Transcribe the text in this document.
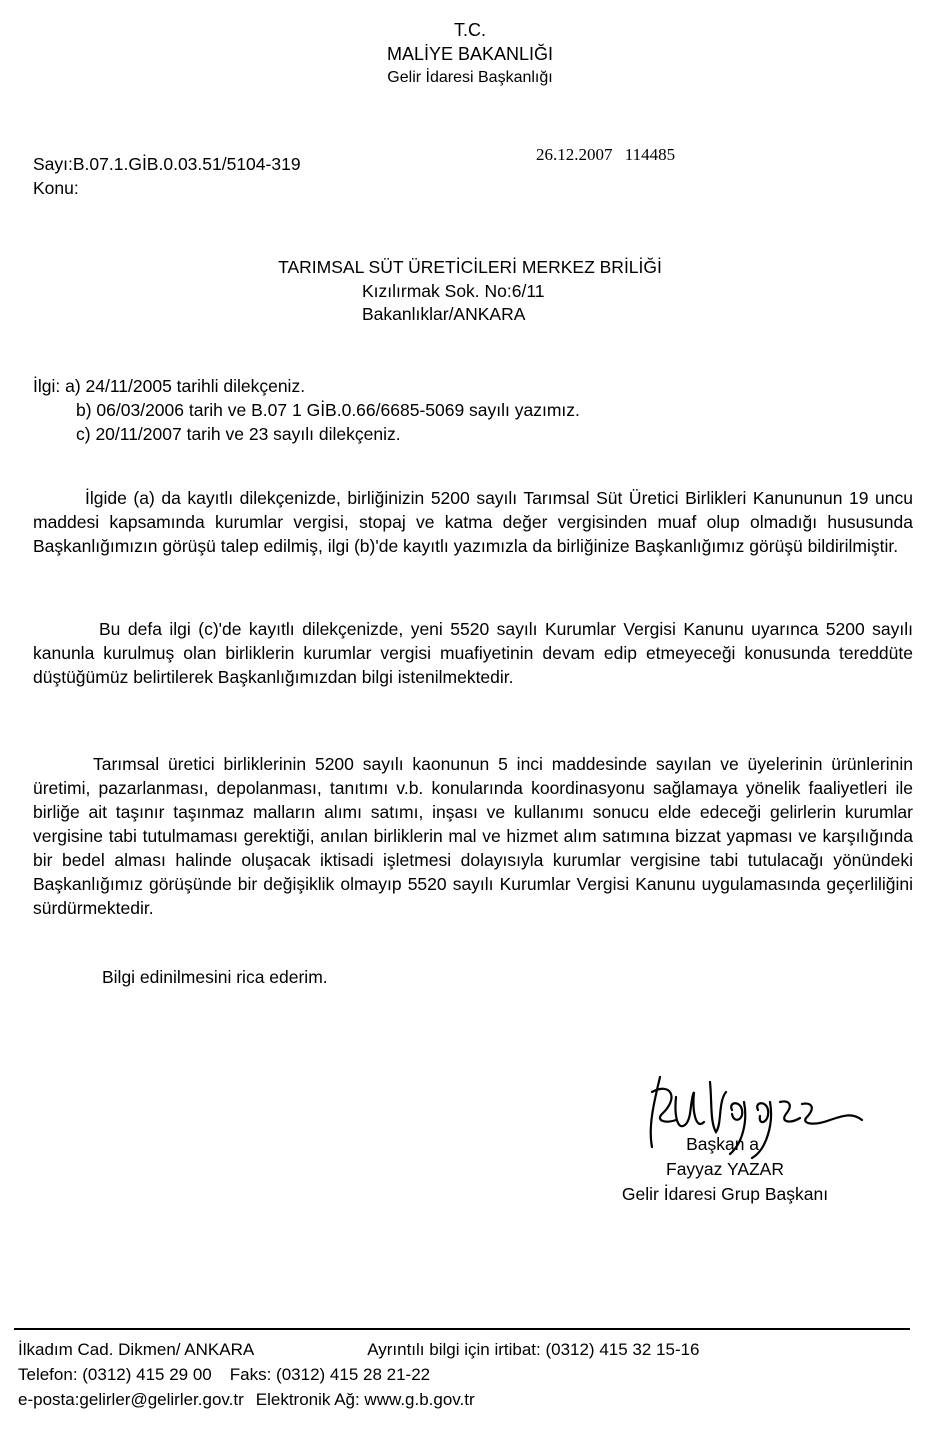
T.C.
MALİYE BAKANLIĞI
Gelir İdaresi Başkanlığı
Sayı:B.07.1.GİB.0.03.51/5104-319
Konu:
26.12.2007 114485
TARIMSAL SÜT ÜRETİCİLERİ MERKEZ BRİLİĞİ
Kızılırmak Sok. No:6/11
Bakanlıklar/ANKARA
İlgi: a) 24/11/2005 tarihli dilekçeniz.
b) 06/03/2006 tarih ve B.07 1 GİB.0.66/6685-5069 sayılı yazımız.
c) 20/11/2007 tarih ve 23 sayılı dilekçeniz.
İlgide (a) da kayıtlı dilekçenizde, birliğinizin 5200 sayılı Tarımsal Süt Üretici Birlikleri Kanununun 19 uncu maddesi kapsamında kurumlar vergisi, stopaj ve katma değer vergisinden muaf olup olmadığı hususunda Başkanlığımızın görüşü talep edilmiş, ilgi (b)'de kayıtlı yazımızla da birliğinize Başkanlığımız görüşü bildirilmiştir.
Bu defa ilgi (c)'de kayıtlı dilekçenizde, yeni 5520 sayılı Kurumlar Vergisi Kanunu uyarınca 5200 sayılı kanunla kurulmuş olan birliklerin kurumlar vergisi muafiyetinin devam edip etmeyeceği konusunda tereddüte düştüğümüz belirtilerek Başkanlığımızdan bilgi istenilmektedir.
Tarımsal üretici birliklerinin 5200 sayılı kaonunun 5 inci maddesinde sayılan ve üyelerinin ürünlerinin üretimi, pazarlanması, depolanması, tanıtımı v.b. konularında koordinasyonu sağlamaya yönelik faaliyetleri ile birliğe ait taşınır taşınmaz malların alımı satımı, inşası ve kullanımı sonucu elde edeceği gelirlerin kurumlar vergisine tabi tutulmaması gerektiği, anılan birliklerin mal ve hizmet alım satımına bizzat yapması ve karşılığında bir bedel alması halinde oluşacak iktisadi işletmesi dolayısıyla kurumlar vergisine tabi tutulacağı yönündeki Başkanlığımız görüşünde bir değişiklik olmayıp 5520 sayılı Kurumlar Vergisi Kanunu uygulamasında geçerliliğini sürdürmektedir.
Bilgi edinilmesini rica ederim.
Başkan a.
Fayyaz YAZAR
Gelir İdaresi Grup Başkanı
İlkadım Cad. Dikmen/ ANKARA	Ayrıntılı bilgi için irtibat: (0312) 415 32 15-16
Telefon: (0312) 415 29 00 Faks: (0312) 415 28 21-22
e-posta:gelirler@gelirler.gov.tr Elektronik Ağ: www.g.b.gov.tr
